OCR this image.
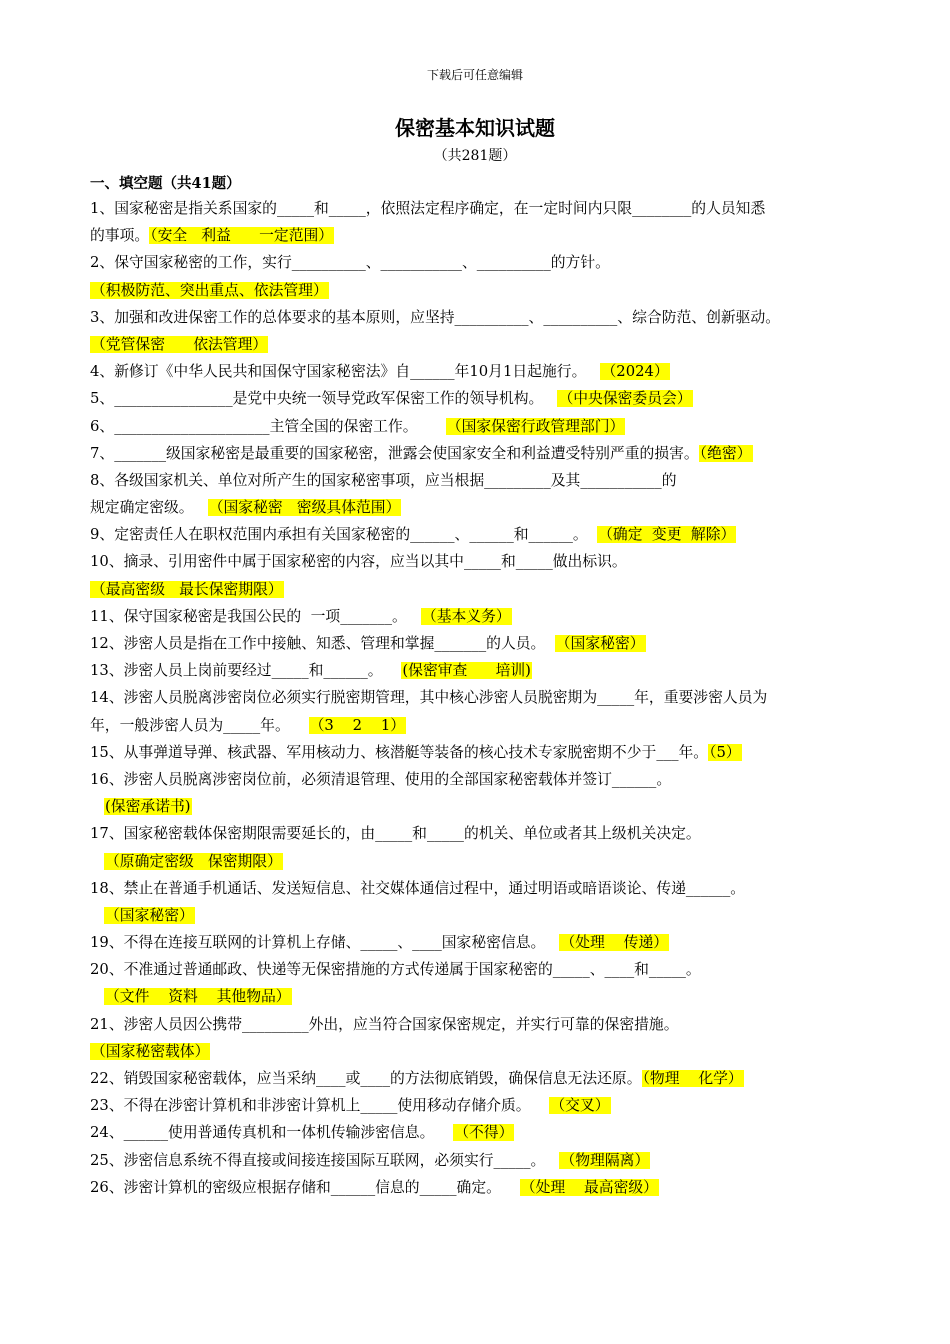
下载后可任意编辑
保密基本知识试题
（共281题）
一、填空题（共41题）
1、国家秘密是指关系国家的_____和_____，依照法定程序确定，在一定时间内只限________的人员知悉
的事项。（安全   利益      一定范围）
2、保守国家秘密的工作，实行__________、___________、__________的方针。
（积极防范、突出重点、依法管理）
3、加强和改进保密工作的总体要求的基本原则，应坚持__________、__________、综合防范、创新驱动。
（党管保密      依法管理）
4、新修订《中华人民共和国保守国家秘密法》自______年10月1日起施行。   （2024）
5、________________是党中央统一领导党政军保密工作的领导机构。   （中央保密委员会）
6、_____________________主管全国的保密工作。      （国家保密行政管理部门）
7、_______级国家秘密是最重要的国家秘密，泄露会使国家安全和利益遭受特别严重的损害。（绝密）
8、各级国家机关、单位对所产生的国家秘密事项，应当根据_________及其___________的
规定确定密级。   （国家秘密   密级具体范围）
9、定密责任人在职权范围内承担有关国家秘密的______、______和______。  （确定  变更  解除）
10、摘录、引用密件中属于国家秘密的内容，应当以其中_____和_____做出标识。
（最高密级   最长保密期限）
11、保守国家秘密是我国公民的  一项_______。   （基本义务）
12、涉密人员是指在工作中接触、知悉、管理和掌握_______的人员。  （国家秘密）
13、涉密人员上岗前要经过_____和______。    (保密审查      培训)
14、涉密人员脱离涉密岗位必须实行脱密期管理，其中核心涉密人员脱密期为_____年，重要涉密人员为
年，一般涉密人员为_____年。    （3    2    1）
15、从事弹道导弹、核武器、军用核动力、核潜艇等装备的核心技术专家脱密期不少于___年。（5）
16、涉密人员脱离涉密岗位前，必须清退管理、使用的全部国家秘密载体并签订______。
(保密承诺书)
17、国家秘密载体保密期限需要延长的，由_____和_____的机关、单位或者其上级机关决定。
（原确定密级   保密期限）
18、禁止在普通手机通话、发送短信息、社交媒体通信过程中，通过明语或暗语谈论、传递______。
（国家秘密）
19、不得在连接互联网的计算机上存储、_____、____国家秘密信息。   （处理    传递）
20、不准通过普通邮政、快递等无保密措施的方式传递属于国家秘密的_____、____和_____。
（文件    资料    其他物品）
21、涉密人员因公携带_________外出，应当符合国家保密规定，并实行可靠的保密措施。
（国家秘密载体）
22、销毁国家秘密载体，应当采纳____或____的方法彻底销毁，确保信息无法还原。（物理    化学）
23、不得在涉密计算机和非涉密计算机上_____使用移动存储介质。    （交叉）
24、______使用普通传真机和一体机传输涉密信息。    （不得）
25、涉密信息系统不得直接或间接连接国际互联网，必须实行_____。   （物理隔离）
26、涉密计算机的密级应根据存储和______信息的_____确定。    （处理    最高密级）
